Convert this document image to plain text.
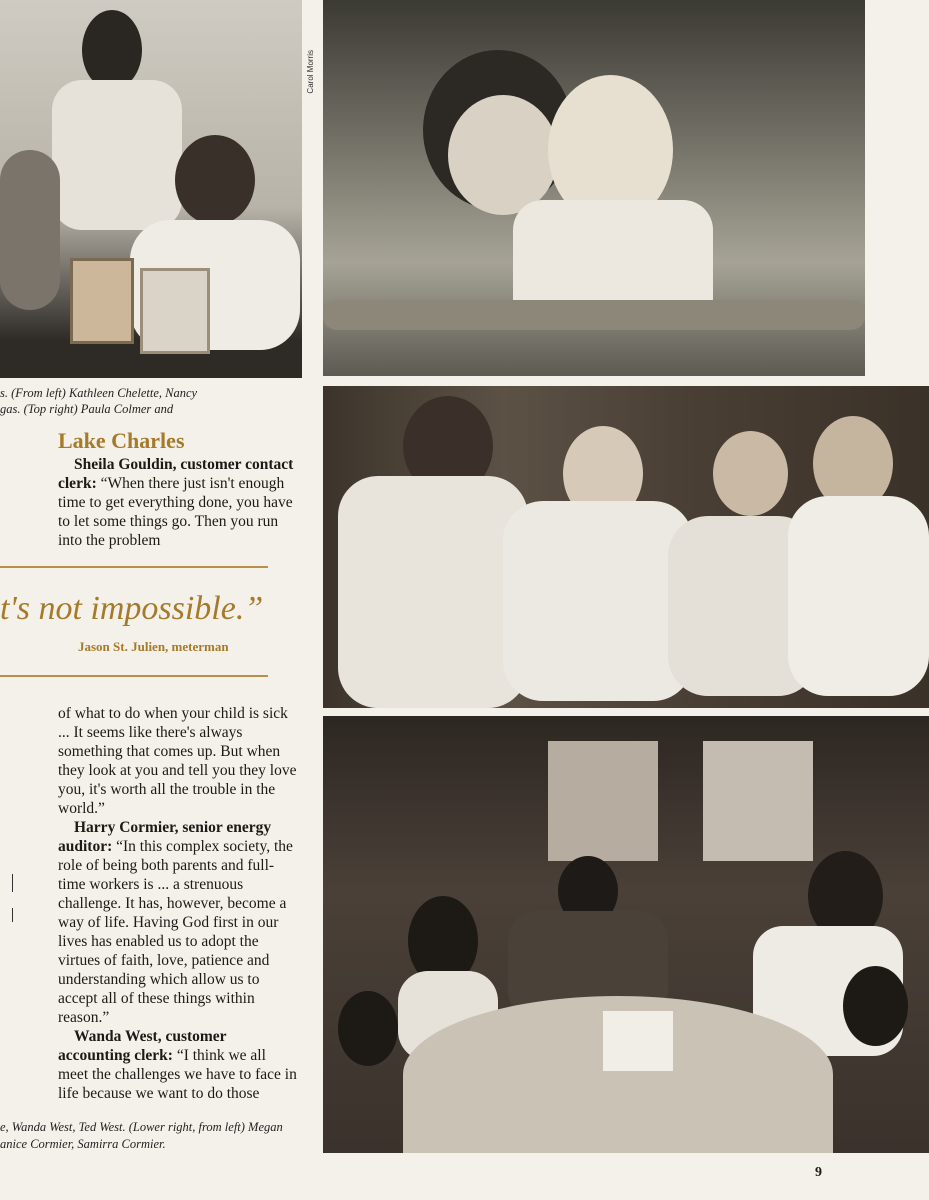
Carol Morris
s. (From left) Kathleen Chelette, Nancy
gas. (Top right) Paula Colmer and
Lake Charles

Sheila Gouldin, customer contact clerk: “When there just isn't enough time to get everything done, you have to let some things go. Then you run into the problem

t's not impossible.”
Jason St. Julien, meterman

of what to do when your child is sick ... It seems like there's always something that comes up. But when they look at you and tell you they love you, it's worth all the trouble in the world.”

Harry Cormier, senior energy auditor: “In this complex society, the role of being both parents and full-time workers is ... a strenuous challenge. It has, however, become a way of life. Having God first in our lives has enabled us to adopt the virtues of faith, love, patience and understanding which allow us to accept all of these things within reason.”

Wanda West, customer accounting clerk: “I think we all meet the challenges we have to face in life because we want to do those

e, Wanda West, Ted West. (Lower right, from left) Megan
anice Cormier, Samirra Cormier.
9
